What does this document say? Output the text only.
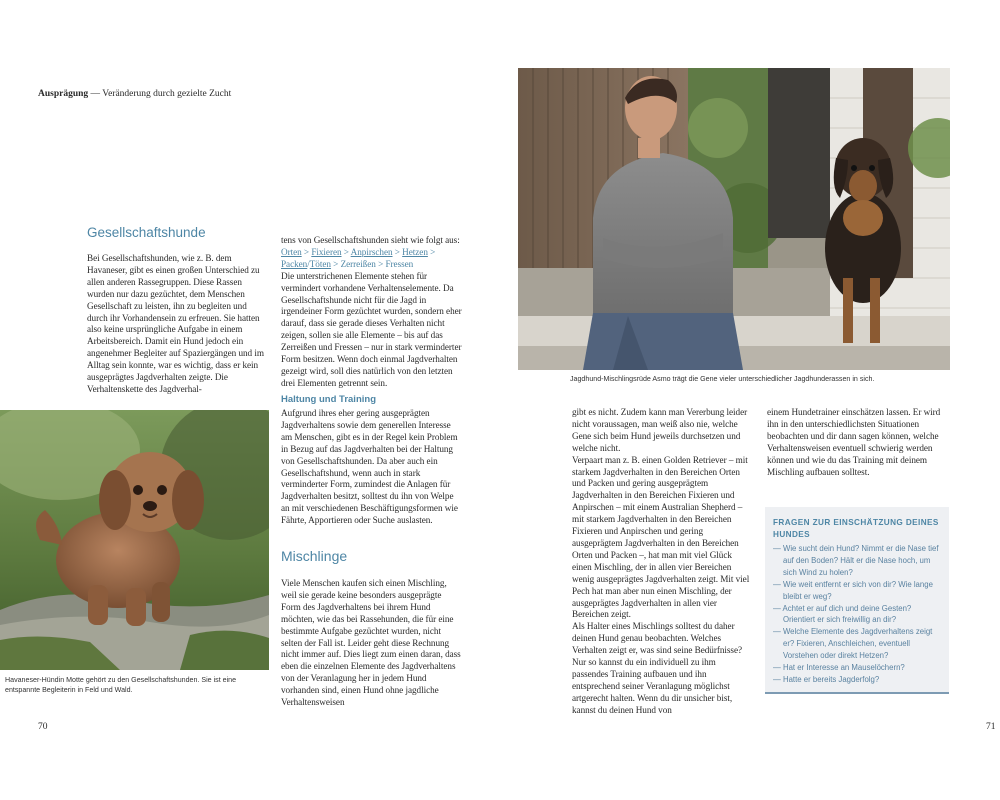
Ausprägung — Veränderung durch gezielte Zucht
Gesellschaftshunde
Bei Gesellschaftshunden, wie z. B. dem Havaneser, gibt es einen großen Unterschied zu allen anderen Rassegruppen. Diese Rassen wurden nur dazu gezüchtet, dem Menschen Gesellschaft zu leisten, ihn zu begleiten und durch ihr Vorhandensein zu erfreuen. Sie hatten also keine ursprüngliche Aufgabe in einem Arbeitsbereich. Damit ein Hund jedoch ein angenehmer Begleiter auf Spaziergängen und im Alltag sein konnte, war es wichtig, dass er kein ausgeprägtes Jagdverhalten zeigte. Die Verhaltenskette des Jagdverhal-
tens von Gesellschaftshunden sieht wie folgt aus:
Orten > Fixieren > Anpirschen > Hetzen > Packen/Töten > Zerreißen > Fressen
Die unterstrichenen Elemente stehen für vermindert vorhandene Verhaltenselemente. Da Gesellschaftshunde nicht für die Jagd in irgendeiner Form gezüchtet wurden, sondern eher darauf, dass sie gerade dieses Verhalten nicht zeigen, sollen sie alle Elemente – bis auf das Zerreißen und Fressen – nur in stark verminderter Form besitzen. Wenn doch einmal Jagdverhalten gezeigt wird, soll dies natürlich von den letzten drei Elementen getrennt sein.
Haltung und Training
Aufgrund ihres eher gering ausgeprägten Jagdverhaltens sowie dem generellen Interesse am Menschen, gibt es in der Regel kein Problem in Bezug auf das Jagdverhalten bei der Haltung von Gesellschaftshunden. Da aber auch ein Gesellschaftshund, wenn auch in stark verminderter Form, zumindest die Anlagen für Jagdverhalten besitzt, solltest du ihn von Welpe an mit verschiedenen Beschäftigungsformen wie Fährte, Apportieren oder Suche auslasten.
Mischlinge
Viele Menschen kaufen sich einen Mischling, weil sie gerade keine besonders ausgeprägte Form des Jagdverhaltens bei ihrem Hund möchten, wie das bei Rassehunden, die für eine bestimmte Aufgabe gezüchtet wurden, nicht selten der Fall ist. Leider geht diese Rechnung nicht immer auf. Dies liegt zum einen daran, dass eben die einzelnen Elemente des Jagdverhaltens von der Veranlagung her in jedem Hund vorhanden sind, einen Hund ohne jagdliche Verhaltensweisen
gibt es nicht. Zudem kann man Vererbung leider nicht voraussagen, man weiß also nie, welche Gene sich beim Hund jeweils durchsetzen und welche nicht.
Verpaart man z. B. einen Golden Retriever – mit starkem Jagdverhalten in den Bereichen Orten und Packen und gering ausgeprägtem Jagdverhalten in den Bereichen Fixieren und Anpirschen – mit einem Australian Shepherd – mit starkem Jagdverhalten in den Bereichen Fixieren und Anpirschen und gering ausgeprägtem Jagdverhalten in den Bereichen Orten und Packen –, hat man mit viel Glück einen Mischling, der in allen vier Bereichen wenig ausgeprägtes Jagdverhalten zeigt. Mit viel Pech hat man aber nun einen Mischling, der ausgeprägtes Jagdverhalten in allen vier Bereichen zeigt.
Als Halter eines Mischlings solltest du daher deinen Hund genau beobachten. Welches Verhalten zeigt er, was sind seine Bedürfnisse? Nur so kannst du ein individuell zu ihm passendes Training aufbauen und ihn entsprechend seiner Veranlagung möglichst artgerecht halten. Wenn du dir unsicher bist, kannst du deinen Hund von
einem Hundetrainer einschätzen lassen. Er wird ihn in den unterschiedlichsten Situationen beobachten und dir dann sagen können, welche Verhaltensweisen eventuell schwierig werden können und wie du das Training mit deinem Mischling aufbauen solltest.
FRAGEN ZUR EINSCHÄTZUNG DEINES HUNDES
— Wie sucht dein Hund? Nimmt er die Nase tief auf den Boden? Hält er die Nase hoch, um sich Wind zu holen?
— Wie weit entfernt er sich von dir? Wie lange bleibt er weg?
— Achtet er auf dich und deine Gesten? Orientiert er sich freiwillig an dir?
— Welche Elemente des Jagdverhaltens zeigt er? Fixieren, Anschleichen, eventuell Vorstehen oder direkt Hetzen?
— Hat er Interesse an Mauselöchern?
— Hatte er bereits Jagderfolg?
Havaneser-Hündin Motte gehört zu den Gesellschaftshunden. Sie ist eine entspannte Begleiterin in Feld und Wald.
Jagdhund-Mischlingsrüde Asmo trägt die Gene vieler unterschiedlicher Jagdhunderassen in sich.
70	71
